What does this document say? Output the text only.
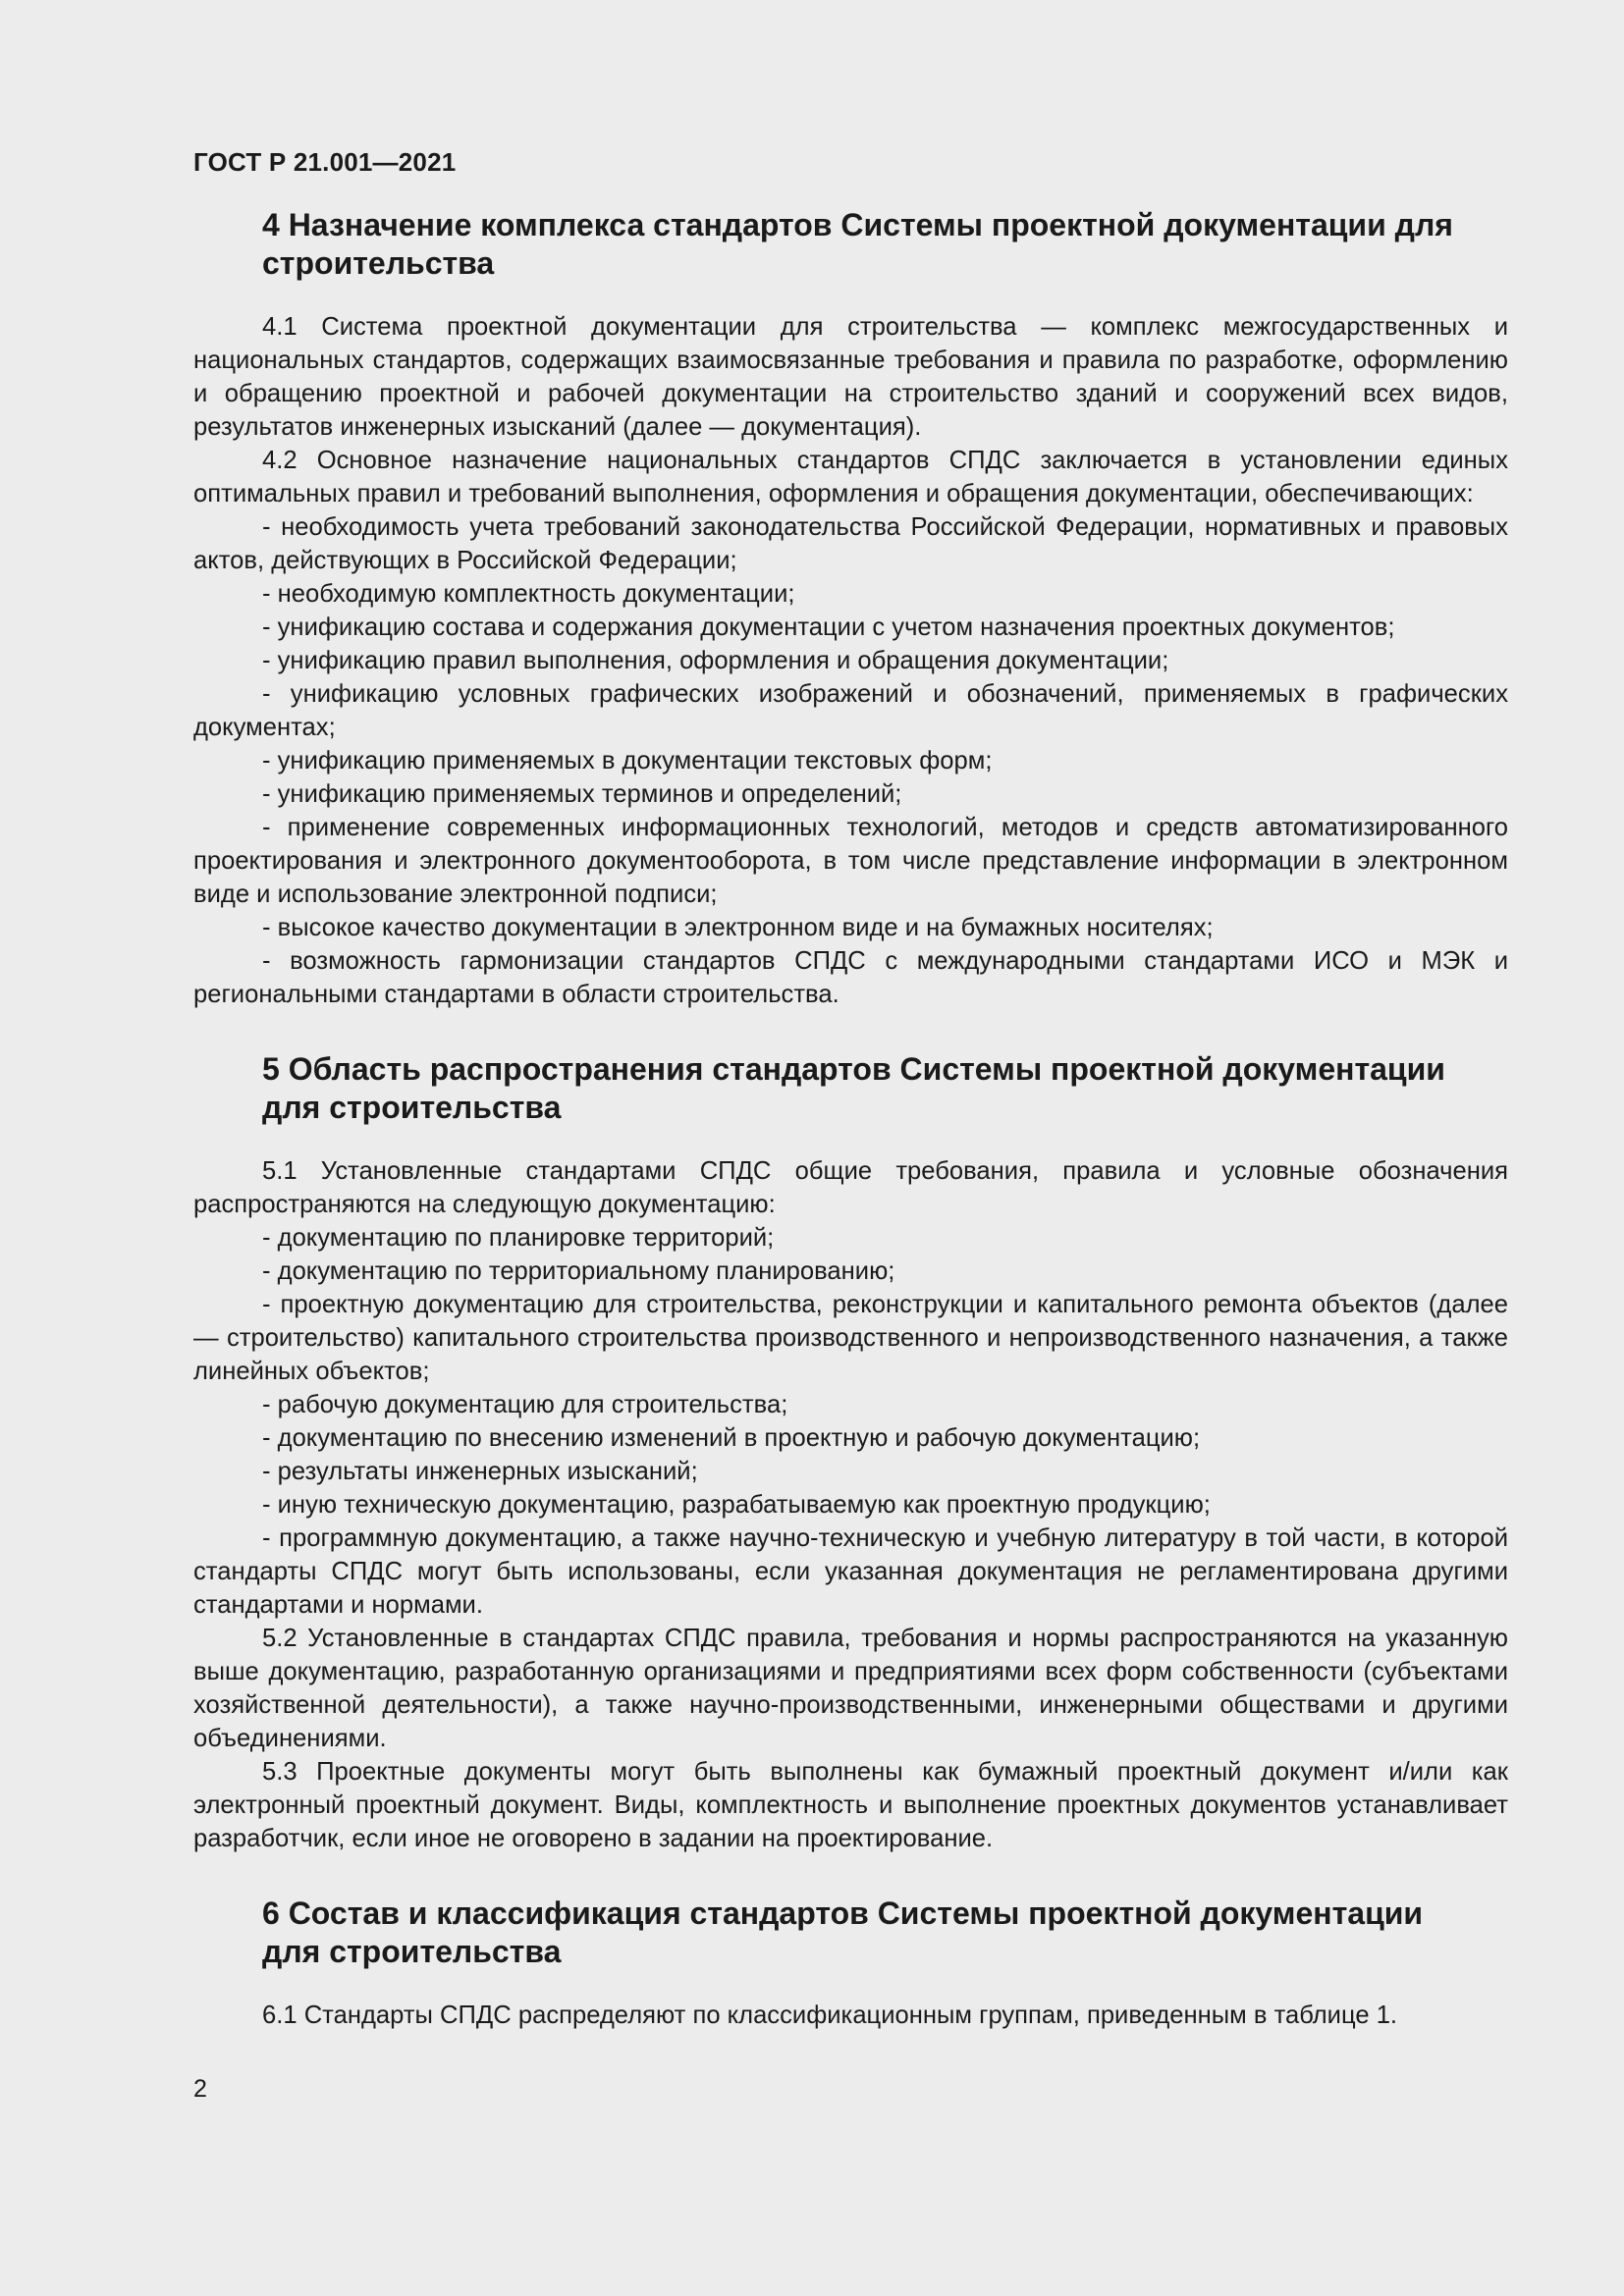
ГОСТ Р 21.001—2021
4 Назначение комплекса стандартов Системы проектной документации для строительства

4.1 Система проектной документации для строительства — комплекс межгосударственных и национальных стандартов, содержащих взаимосвязанные требования и правила по разработке, оформлению и обращению проектной и рабочей документации на строительство зданий и сооружений всех видов, результатов инженерных изысканий (далее — документация).

4.2 Основное назначение национальных стандартов СПДС заключается в установлении единых оптимальных правил и требований выполнения, оформления и обращения документации, обеспечивающих:

- необходимость учета требований законодательства Российской Федерации, нормативных и правовых актов, действующих в Российской Федерации;
- необходимую комплектность документации;
- унификацию состава и содержания документации с учетом назначения проектных документов;
- унификацию правил выполнения, оформления и обращения документации;
- унификацию условных графических изображений и обозначений, применяемых в графических документах;
- унификацию применяемых в документации текстовых форм;
- унификацию применяемых терминов и определений;
- применение современных информационных технологий, методов и средств автоматизированного проектирования и электронного документооборота, в том числе представление информации в электронном виде и использование электронной подписи;
- высокое качество документации в электронном виде и на бумажных носителях;
- возможность гармонизации стандартов СПДС с международными стандартами ИСО и МЭК и региональными стандартами в области строительства.
5 Область распространения стандартов Системы проектной документации для строительства

5.1 Установленные стандартами СПДС общие требования, правила и условные обозначения распространяются на следующую документацию:

- документацию по планировке территорий;
- документацию по территориальному планированию;
- проектную документацию для строительства, реконструкции и капитального ремонта объектов (далее — строительство) капитального строительства производственного и непроизводственного назначения, а также линейных объектов;
- рабочую документацию для строительства;
- документацию по внесению изменений в проектную и рабочую документацию;
- результаты инженерных изысканий;
- иную техническую документацию, разрабатываемую как проектную продукцию;
- программную документацию, а также научно-техническую и учебную литературу в той части, в которой стандарты СПДС могут быть использованы, если указанная документация не регламентирована другими стандартами и нормами.

5.2 Установленные в стандартах СПДС правила, требования и нормы распространяются на указанную выше документацию, разработанную организациями и предприятиями всех форм собственности (субъектами хозяйственной деятельности), а также научно-производственными, инженерными обществами и другими объединениями.

5.3 Проектные документы могут быть выполнены как бумажный проектный документ и/или как электронный проектный документ. Виды, комплектность и выполнение проектных документов устанавливает разработчик, если иное не оговорено в задании на проектирование.

6 Состав и классификация стандартов Системы проектной документации для строительства

6.1 Стандарты СПДС распределяют по классификационным группам, приведенным в таблице 1.

2
